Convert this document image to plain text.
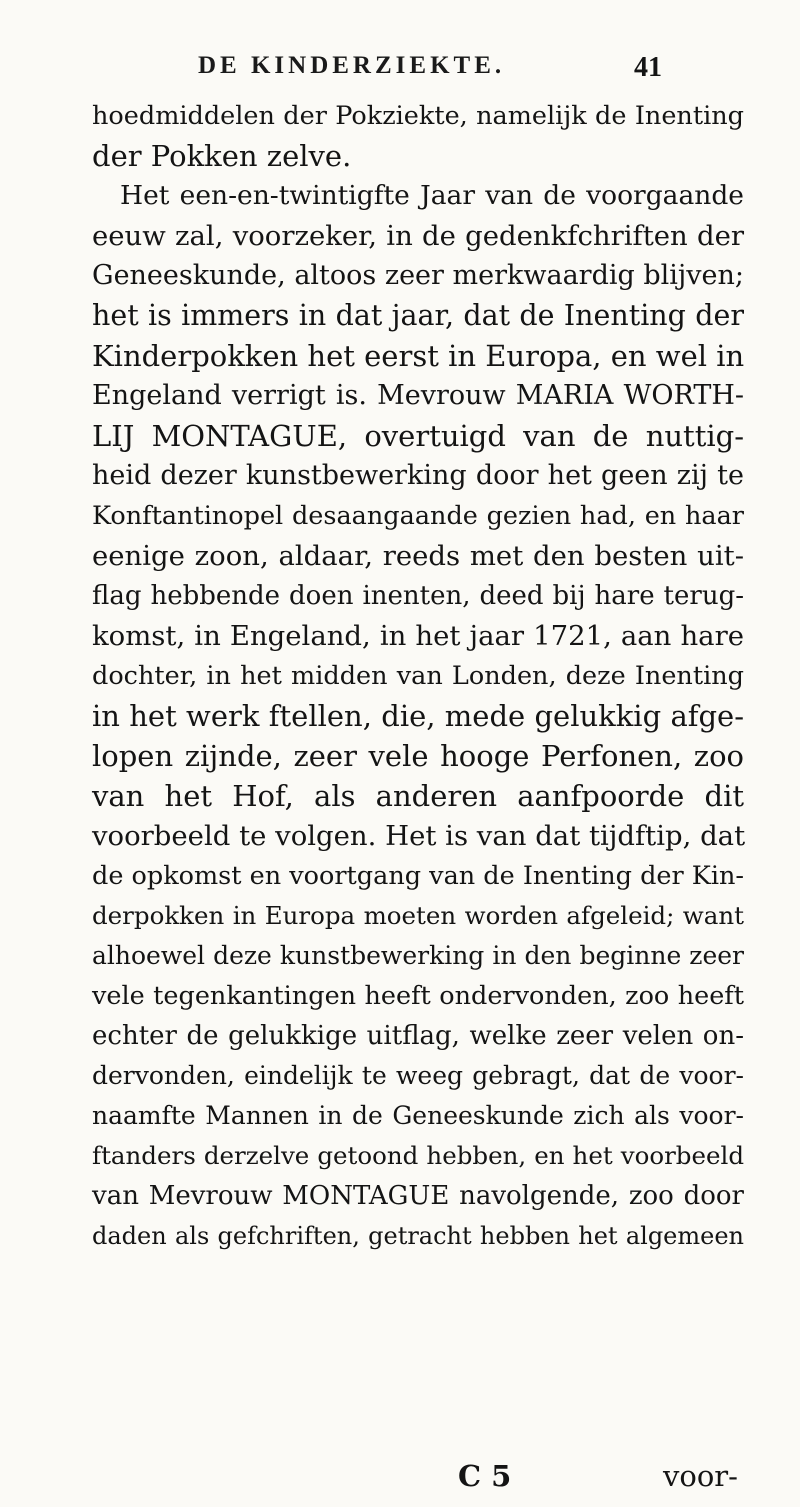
DE KINDERZIEKTE.	41
hoedmiddelen der Pokziekte, namelijk de Inenting
der Pokken zelve.
Het een-en-twintigfte Jaar van de voorgaande
eeuw zal, voorzeker, in de gedenkfchriften der
Geneeskunde, altoos zeer merkwaardig blijven;
het is immers in dat jaar, dat de Inenting der
Kinderpokken het eerst in Europa, en wel in
Engeland verrigt is. Mevrouw MARIA WORTH-
LIJ MONTAGUE, overtuigd van de nuttig-
heid dezer kunstbewerking door het geen zij te
Konftantinopel desaangaande gezien had, en haar
eenige zoon, aldaar, reeds met den besten uit-
flag hebbende doen inenten, deed bij hare terug-
komst, in Engeland, in het jaar 1721, aan hare
dochter, in het midden van Londen, deze Inenting
in het werk ftellen, die, mede gelukkig afge-
lopen zijnde, zeer vele hooge Perfonen, zoo
van het Hof, als anderen aanfpoorde dit
voorbeeld te volgen. Het is van dat tijdftip, dat
de opkomst en voortgang van de Inenting der Kin-
derpokken in Europa moeten worden afgeleid; want
alhoewel deze kunstbewerking in den beginne zeer
vele tegenkantingen heeft ondervonden, zoo heeft
echter de gelukkige uitflag, welke zeer velen on-
dervonden, eindelijk te weeg gebragt, dat de voor-
naamfte Mannen in de Geneeskunde zich als voor-
ftanders derzelve getoond hebben, en het voorbeeld
van Mevrouw MONTAGUE navolgende, zoo door
daden als gefchriften, getracht hebben het algemeen
C 5	voor-
